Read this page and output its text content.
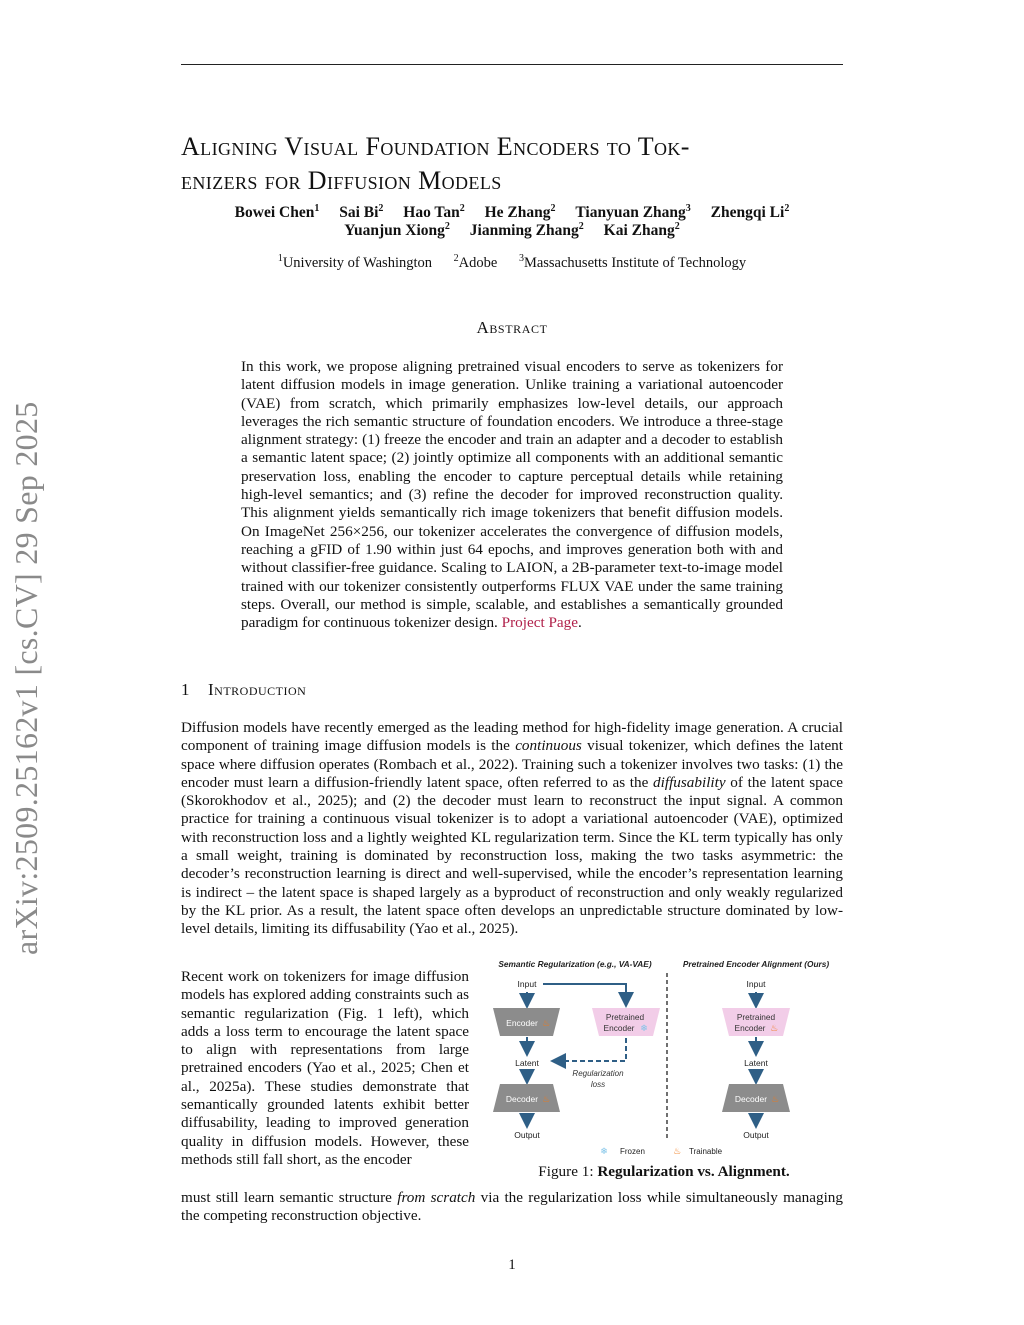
arXiv:2509.25162v1 [cs.CV] 29 Sep 2025
Aligning Visual Foundation Encoders to Tok-
enizers for Diffusion Models
Bowei Chen$^1$ Sai Bi$^2$ Hao Tan$^2$ He Zhang$^2$ Tianyuan Zhang$^3$ Zhengqi Li$^2$
Yuanjun Xiong$^2$ Jianming Zhang$^2$ Kai Zhang$^2$
$^1$University of Washington $^2$Adobe $^3$Massachusetts Institute of Technology
Abstract
In this work, we propose aligning pretrained visual encoders to serve as tokenizers for latent diffusion models in image generation. Unlike training a variational autoencoder (VAE) from scratch, which primarily emphasizes low-level details, our approach leverages the rich semantic structure of foundation encoders. We introduce a three-stage alignment strategy: (1) freeze the encoder and train an adapter and a decoder to establish a semantic latent space; (2) jointly optimize all components with an additional semantic preservation loss, enabling the encoder to capture perceptual details while retaining high-level semantics; and (3) refine the decoder for improved reconstruction quality. This alignment yields semantically rich image tokenizers that benefit diffusion models. On ImageNet 256×256, our tokenizer accelerates the convergence of diffusion models, reaching a gFID of 1.90 within just 64 epochs, and improves generation both with and without classifier-free guidance. Scaling to LAION, a 2B-parameter text-to-image model trained with our tokenizer consistently outperforms FLUX VAE under the same training steps. Overall, our method is simple, scalable, and establishes a semantically grounded paradigm for continuous tokenizer design. Project Page.
1 Introduction
Diffusion models have recently emerged as the leading method for high-fidelity image generation. A crucial component of training image diffusion models is the continuous visual tokenizer, which defines the latent space where diffusion operates (Rombach et al., 2022). Training such a tokenizer involves two tasks: (1) the encoder must learn a diffusion-friendly latent space, often referred to as the diffusability of the latent space (Skorokhodov et al., 2025); and (2) the decoder must learn to reconstruct the input signal. A common practice for training a continuous visual tokenizer is to adopt a variational autoencoder (VAE), optimized with reconstruction loss and a lightly weighted KL regularization term. Since the KL term typically has only a small weight, training is dominated by reconstruction loss, making the two tasks asymmetric: the decoder’s reconstruction learning is direct and well-supervised, while the encoder’s representation learning is indirect – the latent space is shaped largely as a byproduct of reconstruction and only weakly regularized by the KL prior. As a result, the latent space often develops an unpredictable structure dominated by low-level details, limiting its diffusability (Yao et al., 2025).
Recent work on tokenizers for image diffusion models has explored adding constraints such as semantic regularization (Fig. 1 left), which adds a loss term to encourage the latent space to align with representations from large pretrained encoders (Yao et al., 2025; Chen et al., 2025a). These studies demonstrate that semantically grounded latents exhibit better diffusability, leading to improved generation quality in diffusion models. However, these methods still fall short, as the encoder
must still learn semantic structure from scratch via the regularization loss while simultaneously managing the competing reconstruction objective.
Semantic Regularization (e.g., VA-VAE)	Pretrained Encoder Alignment (Ours)
Input
Encoder ♨
Pretrained
Encoder ❄
Latent
Regularization
loss
Decoder ♨
Output
Input
Pretrained
Encoder ♨
Latent
Decoder ♨
Output
❄ Frozen	♨ Trainable
Figure 1: Regularization vs. Alignment.
1
